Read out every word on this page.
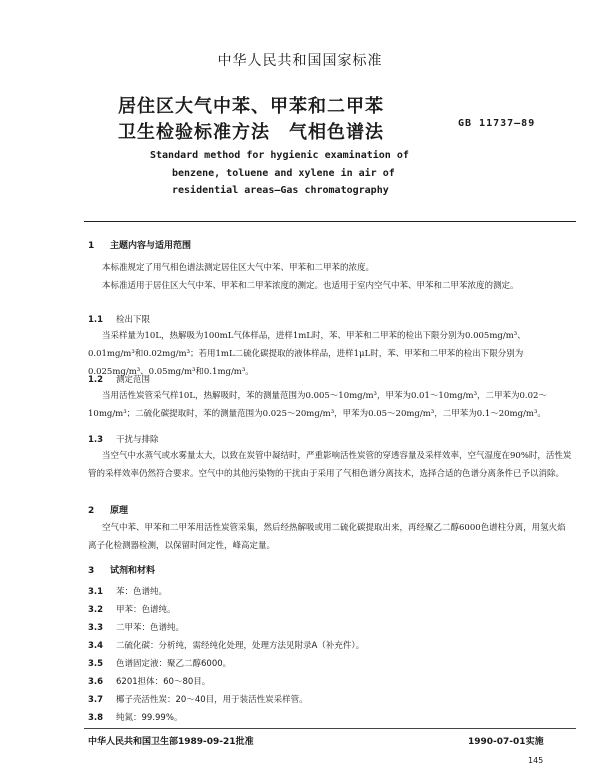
中华人民共和国国家标准
居住区大气中苯、甲苯和二甲苯
卫生检验标准方法　气相色谱法	GB 11737—89
Standard method for hygienic examination of
benzene, toluene and xylene in air of
residential areas—Gas chromatography
1 主题内容与适用范围
本标准规定了用气相色谱法测定居住区大气中苯、甲苯和二甲苯的浓度。
本标准适用于居住区大气中苯、甲苯和二甲苯浓度的测定。也适用于室内空气中苯、甲苯和二甲苯浓度的测定。
1.1 检出下限
当采样量为10L，热解吸为100mL气体样品，进样1mL时，苯、甲苯和二甲苯的检出下限分别为0.005mg/m³、0.01mg/m³和0.02mg/m³；若用1mL二硫化碳提取的液体样品，进样1μL时，苯、甲苯和二甲苯的检出下限分别为0.025mg/m³、0.05mg/m³和0.1mg/m³。
1.2 测定范围
当用活性炭管采气样10L，热解吸时，苯的测量范围为0.005～10mg/m³，甲苯为0.01～10mg/m³，二甲苯为0.02～10mg/m³；二硫化碳提取时，苯的测量范围为0.025～20mg/m³，甲苯为0.05～20mg/m³，二甲苯为0.1～20mg/m³。
1.3 干扰与排除
当空气中水蒸气或水雾量太大，以致在炭管中凝结时，严重影响活性炭管的穿透容量及采样效率，空气湿度在90%时，活性炭管的采样效率仍然符合要求。空气中的其他污染物的干扰由于采用了气相色谱分离技术，选择合适的色谱分离条件已予以消除。
2 原理
空气中苯、甲苯和二甲苯用活性炭管采集，然后经热解吸或用二硫化碳提取出来，再经聚乙二醇6000色谱柱分离，用氢火焰离子化检测器检测，以保留时间定性，峰高定量。
3 试剂和材料
3.1 苯：色谱纯。
3.2 甲苯：色谱纯。
3.3 二甲苯：色谱纯。
3.4 二硫化碳：分析纯，需经纯化处理，处理方法见附录A（补充件）。
3.5 色谱固定液：聚乙二醇6000。
3.6 6201担体：60～80目。
3.7 椰子壳活性炭：20～40目，用于装活性炭采样管。
3.8 纯氮：99.99%。
中华人民共和国卫生部1989-09-21批准	1990-07-01实施
145
